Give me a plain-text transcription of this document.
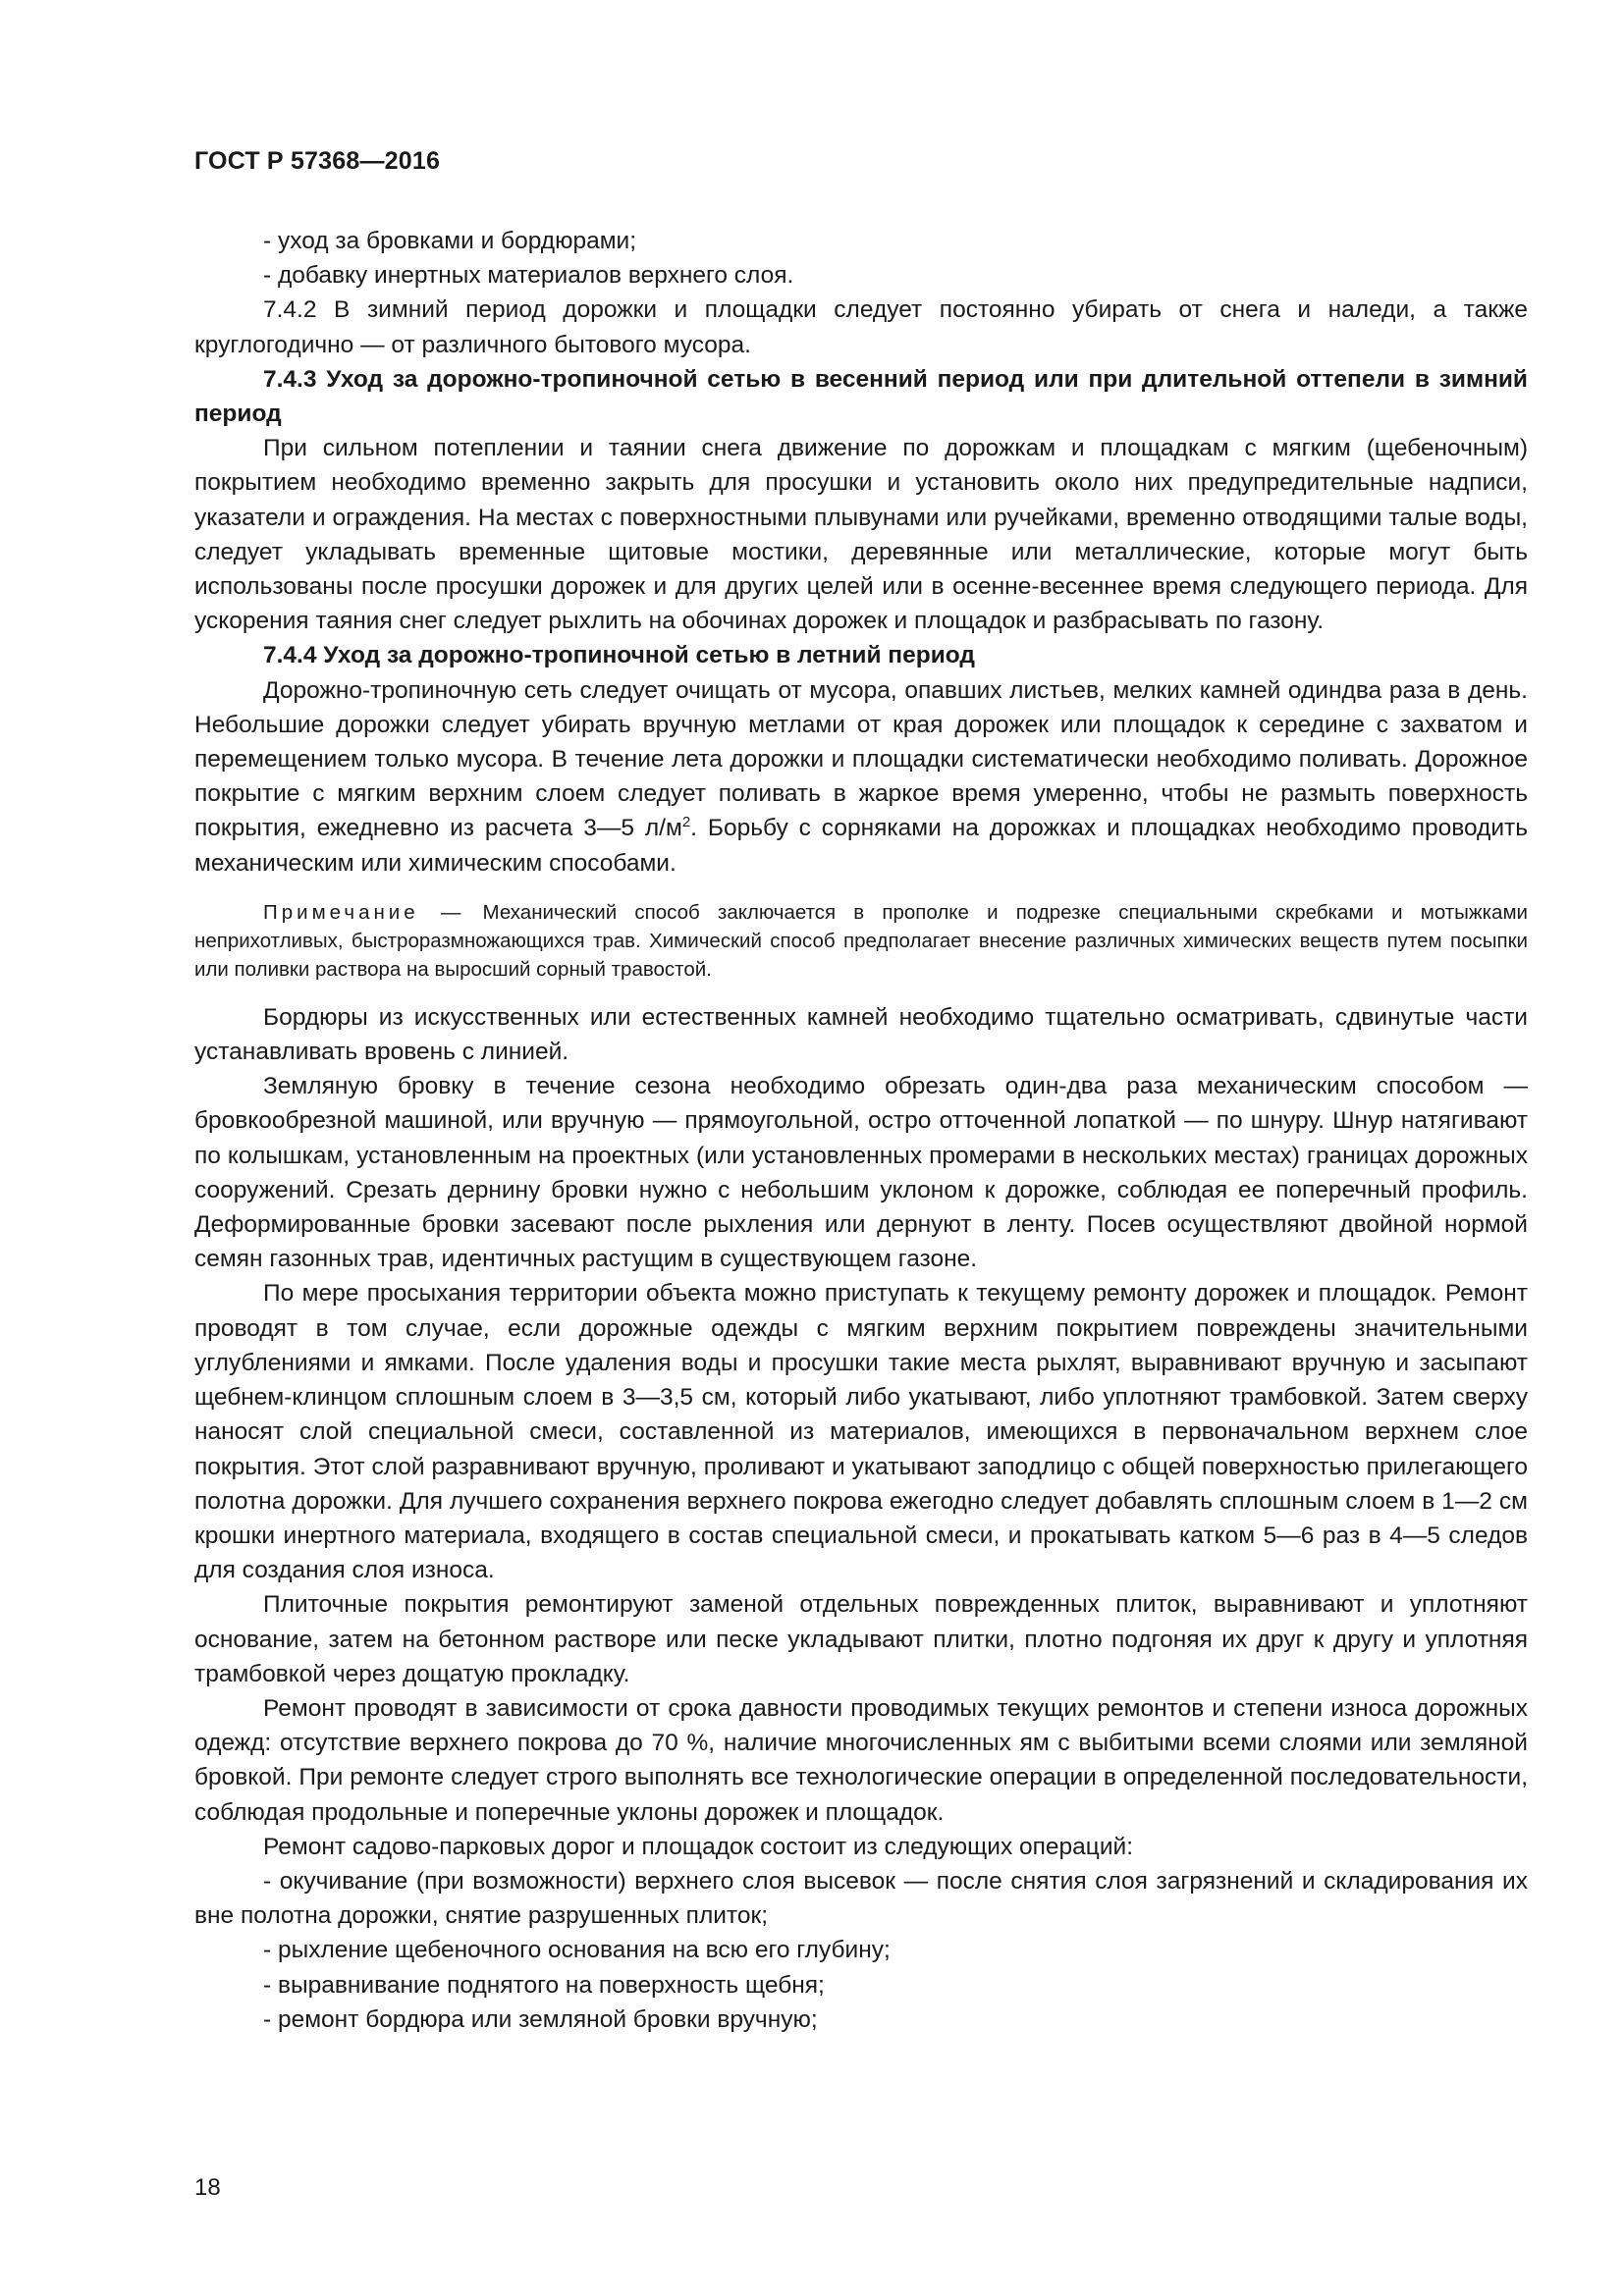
ГОСТ Р 57368—2016

- уход за бровками и бордюрами;

- добавку инертных материалов верхнего слоя.

7.4.2 В зимний период дорожки и площадки следует постоянно убирать от снега и наледи, а также круглогодично — от различного бытового мусора.

7.4.3 Уход за дорожно-тропиночной сетью в весенний период или при длительной оттепели в зимний период

При сильном потеплении и таянии снега движение по дорожкам и площадкам с мягким (щебеночным) покрытием необходимо временно закрыть для просушки и установить около них предупредительные надписи, указатели и ограждения. На местах с поверхностными плывунами или ручейками, временно отводящими талые воды, следует укладывать временные щитовые мостики, деревянные или металлические, которые могут быть использованы после просушки дорожек и для других целей или в осенне-весеннее время следующего периода. Для ускорения таяния снег следует рыхлить на обочинах дорожек и площадок и разбрасывать по газону.

7.4.4 Уход за дорожно-тропиночной сетью в летний период

Дорожно-тропиночную сеть следует очищать от мусора, опавших листьев, мелких камней одиндва раза в день. Небольшие дорожки следует убирать вручную метлами от края дорожек или площадок к середине с захватом и перемещением только мусора. В течение лета дорожки и площадки систематически необходимо поливать. Дорожное покрытие с мягким верхним слоем следует поливать в жаркое время умеренно, чтобы не размыть поверхность покрытия, ежедневно из расчета 3—5 $л/м^2$. Борьбу с сорняками на дорожках и площадках необходимо проводить механическим или химическим способами.

Примечание — Механический способ заключается в прополке и подрезке специальными скребками и мотыжками неприхотливых, быстроразмножающихся трав. Химический способ предполагает внесение различных химических веществ путем посыпки или поливки раствора на выросший сорный травостой.

Бордюры из искусственных или естественных камней необходимо тщательно осматривать, сдвинутые части устанавливать вровень с линией.

Земляную бровку в течение сезона необходимо обрезать один-два раза механическим способом — бровкообрезной машиной, или вручную — прямоугольной, остро отточенной лопаткой — по шнуру. Шнур натягивают по колышкам, установленным на проектных (или установленных промерами в нескольких местах) границах дорожных сооружений. Срезать дернину бровки нужно с небольшим уклоном к дорожке, соблюдая ее поперечный профиль. Деформированные бровки засевают после рыхления или дернуют в ленту. Посев осуществляют двойной нормой семян газонных трав, идентичных растущим в существующем газоне.

По мере просыхания территории объекта можно приступать к текущему ремонту дорожек и площадок. Ремонт проводят в том случае, если дорожные одежды с мягким верхним покрытием повреждены значительными углублениями и ямками. После удаления воды и просушки такие места рыхлят, выравнивают вручную и засыпают щебнем-клинцом сплошным слоем в 3—3,5 см, который либо укатывают, либо уплотняют трамбовкой. Затем сверху наносят слой специальной смеси, составленной из материалов, имеющихся в первоначальном верхнем слое покрытия. Этот слой разравнивают вручную, проливают и укатывают заподлицо с общей поверхностью прилегающего полотна дорожки. Для лучшего сохранения верхнего покрова ежегодно следует добавлять сплошным слоем в 1—2 см крошки инертного материала, входящего в состав специальной смеси, и прокатывать катком 5—6 раз в 4—5 следов для создания слоя износа.

Плиточные покрытия ремонтируют заменой отдельных поврежденных плиток, выравнивают и уплотняют основание, затем на бетонном растворе или песке укладывают плитки, плотно подгоняя их друг к другу и уплотняя трамбовкой через дощатую прокладку.

Ремонт проводят в зависимости от срока давности проводимых текущих ремонтов и степени износа дорожных одежд: отсутствие верхнего покрова до 70 %, наличие многочисленных ям с выбитыми всеми слоями или земляной бровкой. При ремонте следует строго выполнять все технологические операции в определенной последовательности, соблюдая продольные и поперечные уклоны дорожек и площадок.

Ремонт садово-парковых дорог и площадок состоит из следующих операций:

- окучивание (при возможности) верхнего слоя высевок — после снятия слоя загрязнений и складирования их вне полотна дорожки, снятие разрушенных плиток;

- рыхление щебеночного основания на всю его глубину;

- выравнивание поднятого на поверхность щебня;

- ремонт бордюра или земляной бровки вручную;

18
